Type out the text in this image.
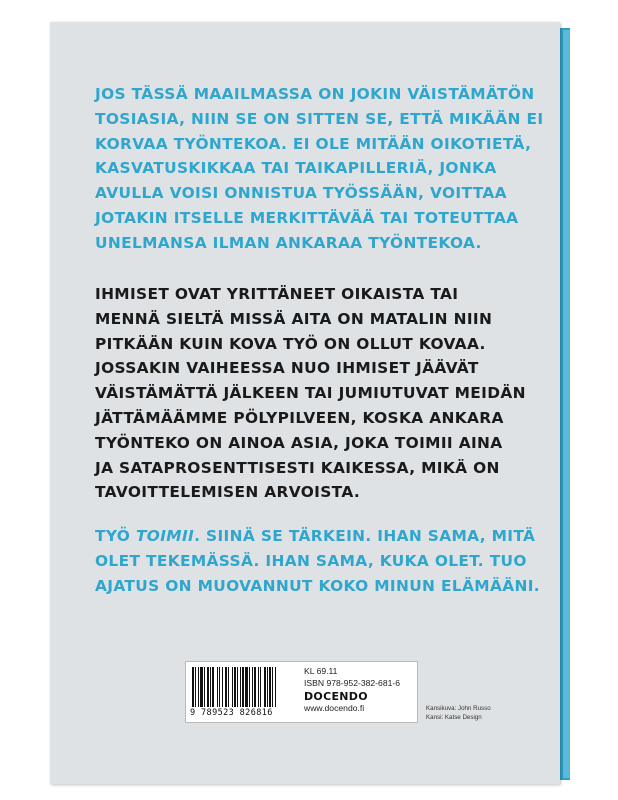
JOS TÄSSÄ MAAILMASSA ON JOKIN VÄISTÄMÄTÖN
TOSIASIA, NIIN SE ON SITTEN SE, ETTÄ MIKÄÄN EI
KORVAA TYÖNTEKOA. EI OLE MITÄÄN OIKOTIETÄ,
KASVATUSKIKKAA TAI TAIKAPILLERIÄ, JONKA
AVULLA VOISI ONNISTUA TYÖSSÄÄN, VOITTAA
JOTAKIN ITSELLE MERKITTÄVÄÄ TAI TOTEUTTAA
UNELMANSA ILMAN ANKARAA TYÖNTEKOA.

IHMISET OVAT YRITTÄNEET OIKAISTA TAI
MENNÄ SIELTÄ MISSÄ AITA ON MATALIN NIIN
PITKÄÄN KUIN KOVA TYÖ ON OLLUT KOVAA.
JOSSAKIN VAIHEESSA NUO IHMISET JÄÄVÄT
VÄISTÄMÄTTÄ JÄLKEEN TAI JUMIUTUVAT MEIDÄN
JÄTTÄMÄÄMME PÖLYPILVEEN, KOSKA ANKARA
TYÖNTEKO ON AINOA ASIA, JOKA TOIMII AINA
JA SATAPROSENTTISESTI KAIKESSA, MIKÄ ON
TAVOITTELEMISEN ARVOISTA.

TYÖ TOIMII. SIINÄ SE TÄRKEIN. IHAN SAMA, MITÄ
OLET TEKEMÄSSÄ. IHAN SAMA, KUKA OLET. TUO
AJATUS ON MUOVANNUT KOKO MINUN ELÄMÄÄNI.

9 789523 826816
KL 69.11
ISBN 978-952-382-681-6
DOCENDO
www.docendo.fi	Kansikuva: John Russo
Kansi: Katse Design
